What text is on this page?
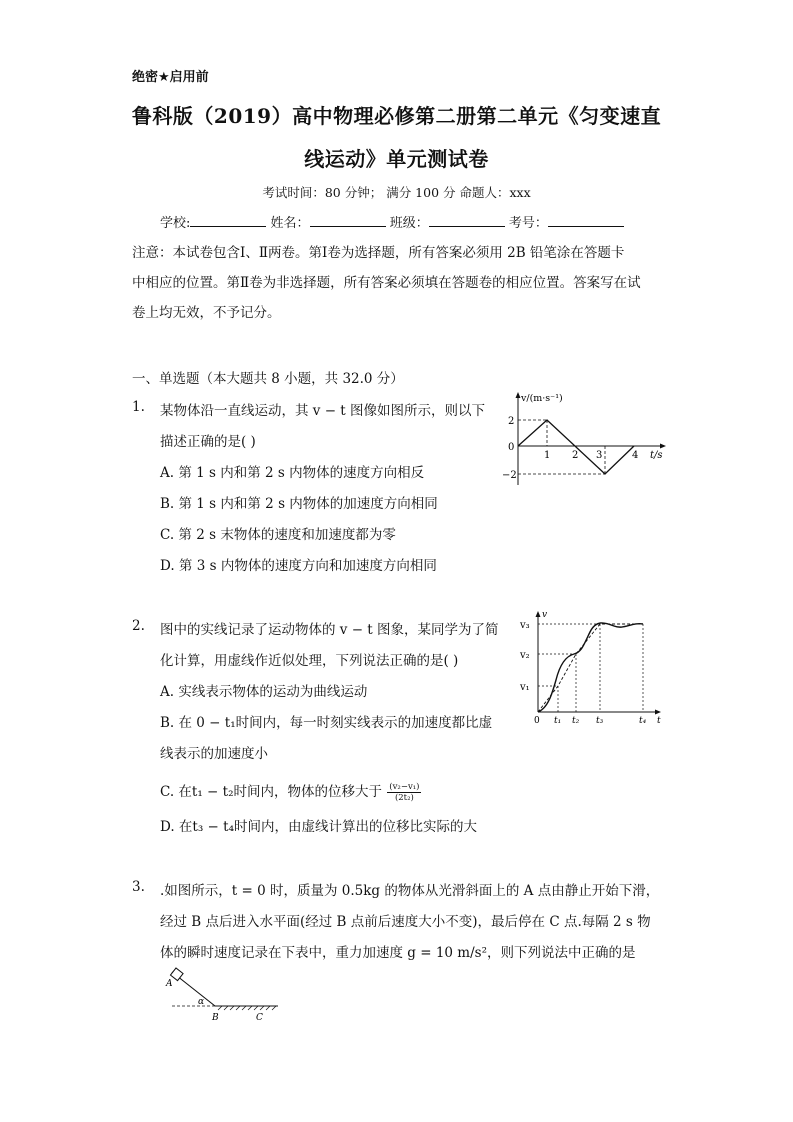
绝密★启用前
鲁科版（2019）高中物理必修第二册第二单元《匀变速直
线运动》单元测试卷
考试时间：80 分钟； 满分 100 分 命题人：xxx
学校:	姓名：	班级：	考号：
注意：本试卷包含Ⅰ、Ⅱ两卷。第Ⅰ卷为选择题，所有答案必须用 2B 铅笔涂在答题卡
中相应的位置。第Ⅱ卷为非选择题，所有答案必须填在答题卷的相应位置。答案写在试
卷上均无效，不予记分。
一、单选题（本大题共 8 小题，共 32.0 分）
1. 某物体沿一直线运动，其 v − t 图像如图所示，则以下
描述正确的是( )
A. 第 1 s 内和第 2 s 内物体的速度方向相反
B. 第 1 s 内和第 2 s 内物体的加速度方向相同
C. 第 2 s 末物体的速度和加速度都为零
D. 第 3 s 内物体的速度方向和加速度方向相同
v/(m·s⁻¹)
2
0
−2
1 2 3	4 t/s
2. 图中的实线记录了运动物体的 v − t 图象，某同学为了简
化计算，用虚线作近似处理，下列说法正确的是( )
A. 实线表示物体的运动为曲线运动
B. 在 0 − t₁时间内，每一时刻实线表示的加速度都比虚
线表示的加速度小
C. 在t₁ − t₂时间内，物体的位移大于 $\frac{\text{(v₂−v₁)}}{\text{(2t₂)}}$
D. 在t₃ − t₄时间内，由虚线计算出的位移比实际的大
v
v₃
v₂
v₁
0 t₁ t₂ t₃	t₄ t
3. .如图所示，t = 0 时，质量为 0.5kg 的物体从光滑斜面上的 A 点由静止开始下滑，
经过 B 点后进入水平面(经过 B 点前后速度大小不变)，最后停在 C 点.每隔 2 s 物
体的瞬时速度记录在下表中，重力加速度 g = 10 m/s²，则下列说法中正确的是
A
α
B	C
